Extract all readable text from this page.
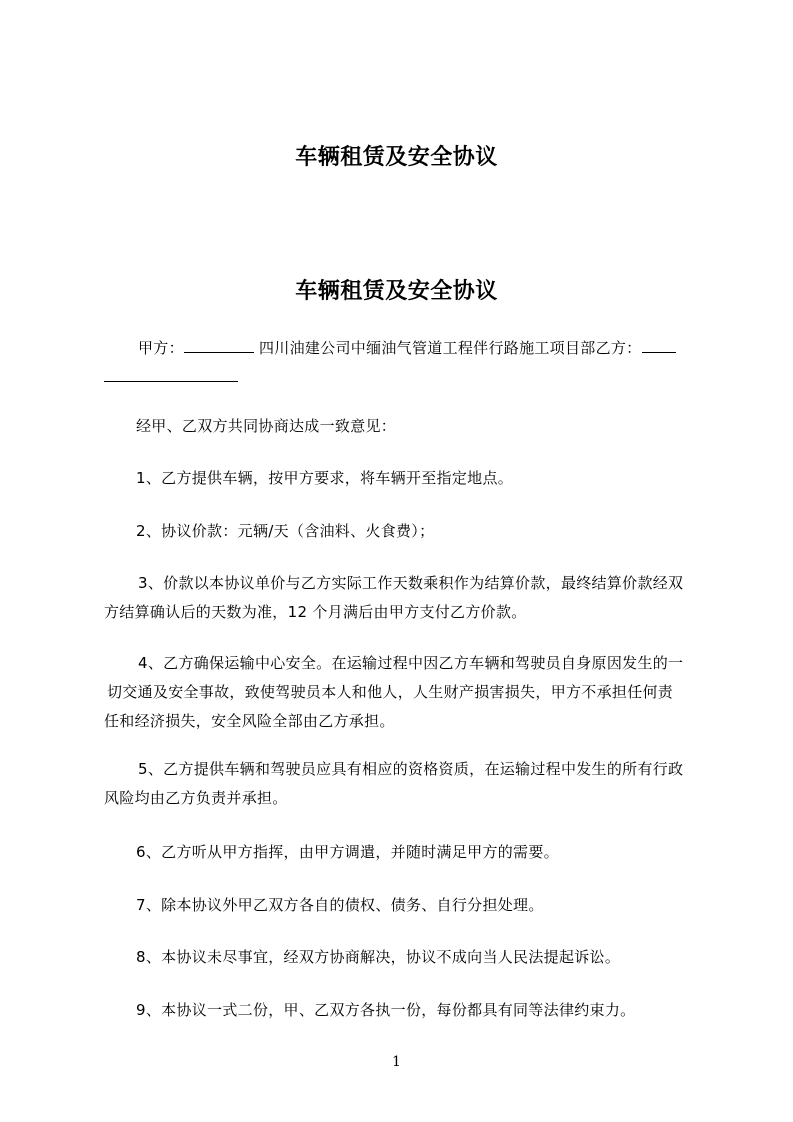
车辆租赁及安全协议
车辆租赁及安全协议
甲方：	四川油建公司中缅油气管道工程伴行路施工项目部乙方：
经甲、乙双方共同协商达成一致意见：
1、乙方提供车辆，按甲方要求，将车辆开至指定地点。
2、协议价款：元辆/天（含油料、火食费）；
3、价款以本协议单价与乙方实际工作天数乘积作为结算价款，最终结算价款经双
方结算确认后的天数为准，12 个月满后由甲方支付乙方价款。
4、乙方确保运输中心安全。在运输过程中因乙方车辆和驾驶员自身原因发生的一
切交通及安全事故，致使驾驶员本人和他人，人生财产损害损失，甲方不承担任何责
任和经济损失，安全风险全部由乙方承担。
5、乙方提供车辆和驾驶员应具有相应的资格资质，在运输过程中发生的所有行政
风险均由乙方负责并承担。
6、乙方听从甲方指挥，由甲方调遣，并随时满足甲方的需要。
7、除本协议外甲乙双方各自的债权、债务、自行分担处理。
8、本协议未尽事宜，经双方协商解决，协议不成向当人民法提起诉讼。
9、本协议一式二份，甲、乙双方各执一份，每份都具有同等法律约束力。
1
